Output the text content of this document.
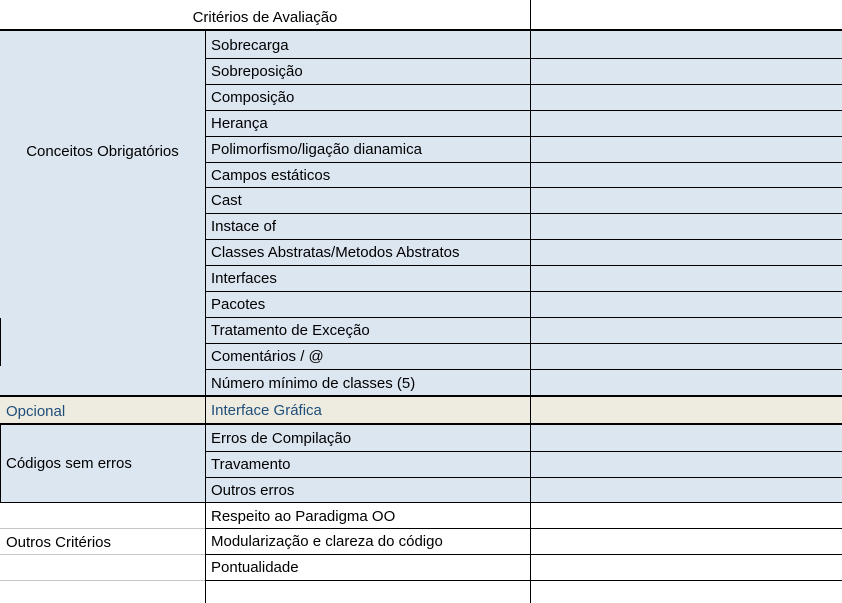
Critérios de Avaliação
Conceitos Obrigatórios
Opcional
Códigos sem erros
Outros Critérios
Sobrecarga
Sobreposição
Composição
Herança
Polimorfismo/ligação dianamica
Campos estáticos
Cast
Instace of
Classes Abstratas/Metodos Abstratos
Interfaces
Pacotes
Tratamento de Exceção
Comentários / @
Número mínimo de classes (5)
Interface Gráfica
Erros de Compilação
Travamento
Outros erros
Respeito ao Paradigma OO
Modularização e clareza do código
Pontualidade
